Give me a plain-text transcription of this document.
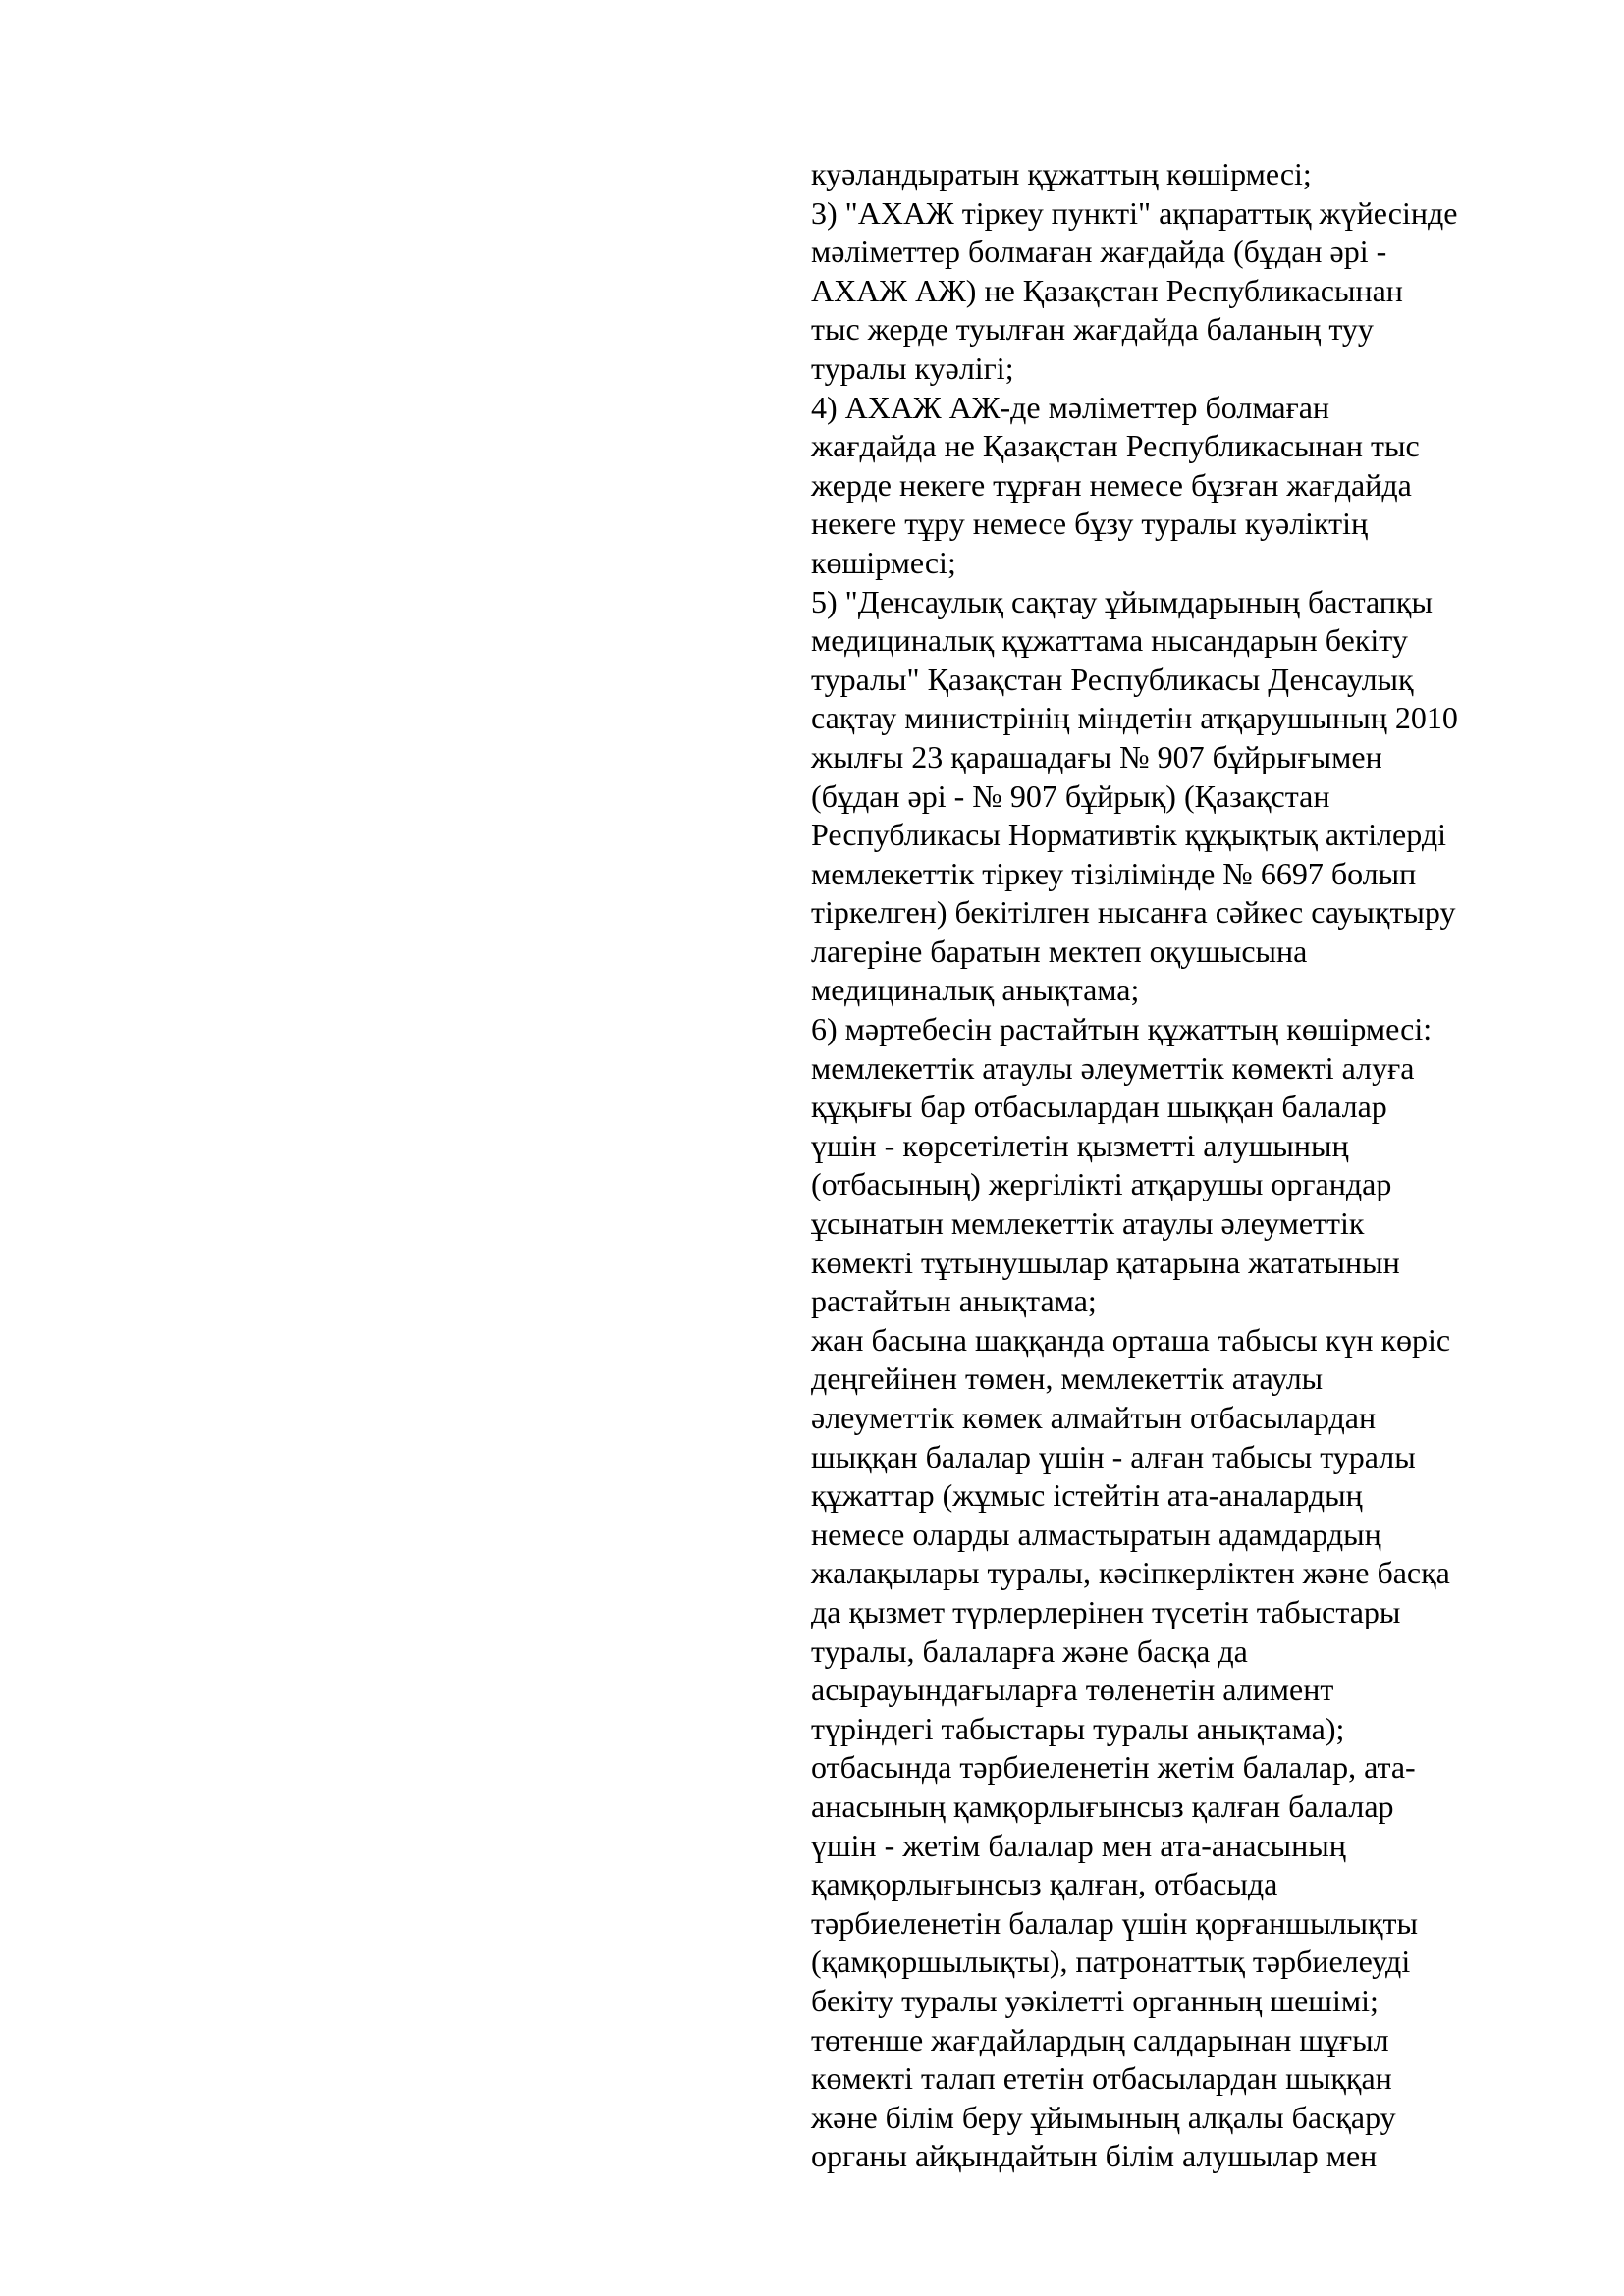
куәландыратын құжаттың көшірмесі;
3) "АХАЖ тіркеу пункті" ақпараттық жүйесінде
мәліметтер болмаған жағдайда (бұдан әрі -
АХАЖ АЖ) не Қазақстан Республикасынан
тыс жерде туылған жағдайда баланың туу
туралы куәлігі;
4) АХАЖ АЖ-де мәліметтер болмаған
жағдайда не Қазақстан Республикасынан тыс
жерде некеге тұрған немесе бұзған жағдайда
некеге тұру немесе бұзу туралы куәліктің
көшірмесі;
5) "Денсаулық сақтау ұйымдарының бастапқы
медициналық құжаттама нысандарын бекіту
туралы" Қазақстан Республикасы Денсаулық
сақтау министрінің міндетін атқарушының 2010
жылғы 23 қарашадағы № 907 бұйрығымен
(бұдан әрі - № 907 бұйрық) (Қазақстан
Республикасы Нормативтік құқықтық актілерді
мемлекеттік тіркеу тізілімінде № 6697 болып
тіркелген) бекітілген нысанға сәйкес сауықтыру
лагеріне баратын мектеп оқушысына
медициналық анықтама;
6) мәртебесін растайтын құжаттың көшірмесі:
мемлекеттік атаулы әлеуметтік көмекті алуға
құқығы бар отбасылардан шыққан балалар
үшін - көрсетілетін қызметті алушының
(отбасының) жергілікті атқарушы органдар
ұсынатын мемлекеттік атаулы әлеуметтік
көмекті тұтынушылар қатарына жататынын
растайтын анықтама;
жан басына шаққанда орташа табысы күн көріс
деңгейінен төмен, мемлекеттік атаулы
әлеуметтік көмек алмайтын отбасылардан
шыққан балалар үшін - алған табысы туралы
құжаттар (жұмыс істейтін ата-аналардың
немесе оларды алмастыратын адамдардың
жалақылары туралы, кәсіпкерліктен және басқа
да қызмет түрлерлерінен түсетін табыстары
туралы, балаларға және басқа да
асырауындағыларға төленетін алимент
түріндегі табыстары туралы анықтама);
отбасында тәрбиеленетін жетім балалар, ата-
анасының қамқорлығынсыз қалған балалар
үшін - жетім балалар мен ата-анасының
қамқорлығынсыз қалған, отбасыда
тәрбиеленетін балалар үшін қорғаншылықты
(қамқоршылықты), патронаттық тәрбиелеуді
бекіту туралы уәкілетті органның шешімі;
төтенше жағдайлардың салдарынан шұғыл
көмекті талап ететін отбасылардан шыққан
және білім беру ұйымының алқалы басқару
органы айқындайтын білім алушылар мен
